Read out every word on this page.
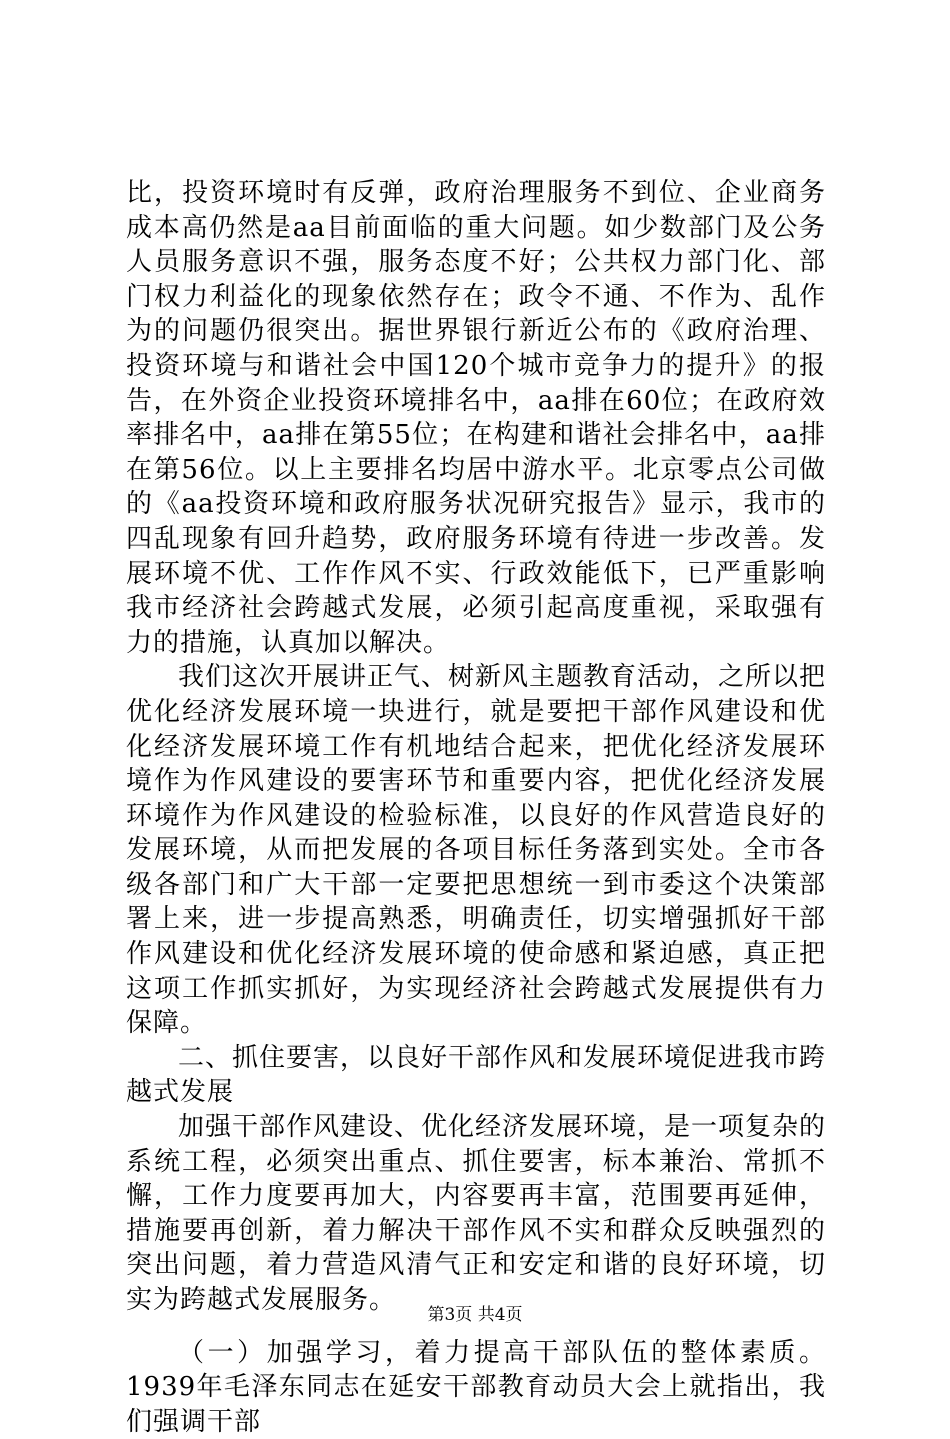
比，投资环境时有反弹，政府治理服务不到位、企业商务成本高仍然是aa目前面临的重大问题。如少数部门及公务人员服务意识不强，服务态度不好；公共权力部门化、部门权力利益化的现象依然存在；政令不通、不作为、乱作为的问题仍很突出。据世界银行新近公布的《政府治理、投资环境与和谐社会中国120个城市竞争力的提升》的报告，在外资企业投资环境排名中，aa排在60位；在政府效率排名中，aa排在第55位；在构建和谐社会排名中，aa排在第56位。以上主要排名均居中游水平。北京零点公司做的《aa投资环境和政府服务状况研究报告》显示，我市的四乱现象有回升趋势，政府服务环境有待进一步改善。发展环境不优、工作作风不实、行政效能低下，已严重影响我市经济社会跨越式发展，必须引起高度重视，采取强有力的措施，认真加以解决。

我们这次开展讲正气、树新风主题教育活动，之所以把优化经济发展环境一块进行，就是要把干部作风建设和优化经济发展环境工作有机地结合起来，把优化经济发展环境作为作风建设的要害环节和重要内容，把优化经济发展环境作为作风建设的检验标准，以良好的作风营造良好的发展环境，从而把发展的各项目标任务落到实处。全市各级各部门和广大干部一定要把思想统一到市委这个决策部署上来，进一步提高熟悉，明确责任，切实增强抓好干部作风建设和优化经济发展环境的使命感和紧迫感，真正把这项工作抓实抓好，为实现经济社会跨越式发展提供有力保障。

二、抓住要害，以良好干部作风和发展环境促进我市跨越式发展

加强干部作风建设、优化经济发展环境，是一项复杂的系统工程，必须突出重点、抓住要害，标本兼治、常抓不懈，工作力度要再加大，内容要再丰富，范围要再延伸，措施要再创新，着力解决干部作风不实和群众反映强烈的突出问题，着力营造风清气正和安定和谐的良好环境，切实为跨越式发展服务。

（一）加强学习，着力提高干部队伍的整体素质。1939年毛泽东同志在延安干部教育动员大会上就指出，我们强调干部

第3页 共4页
